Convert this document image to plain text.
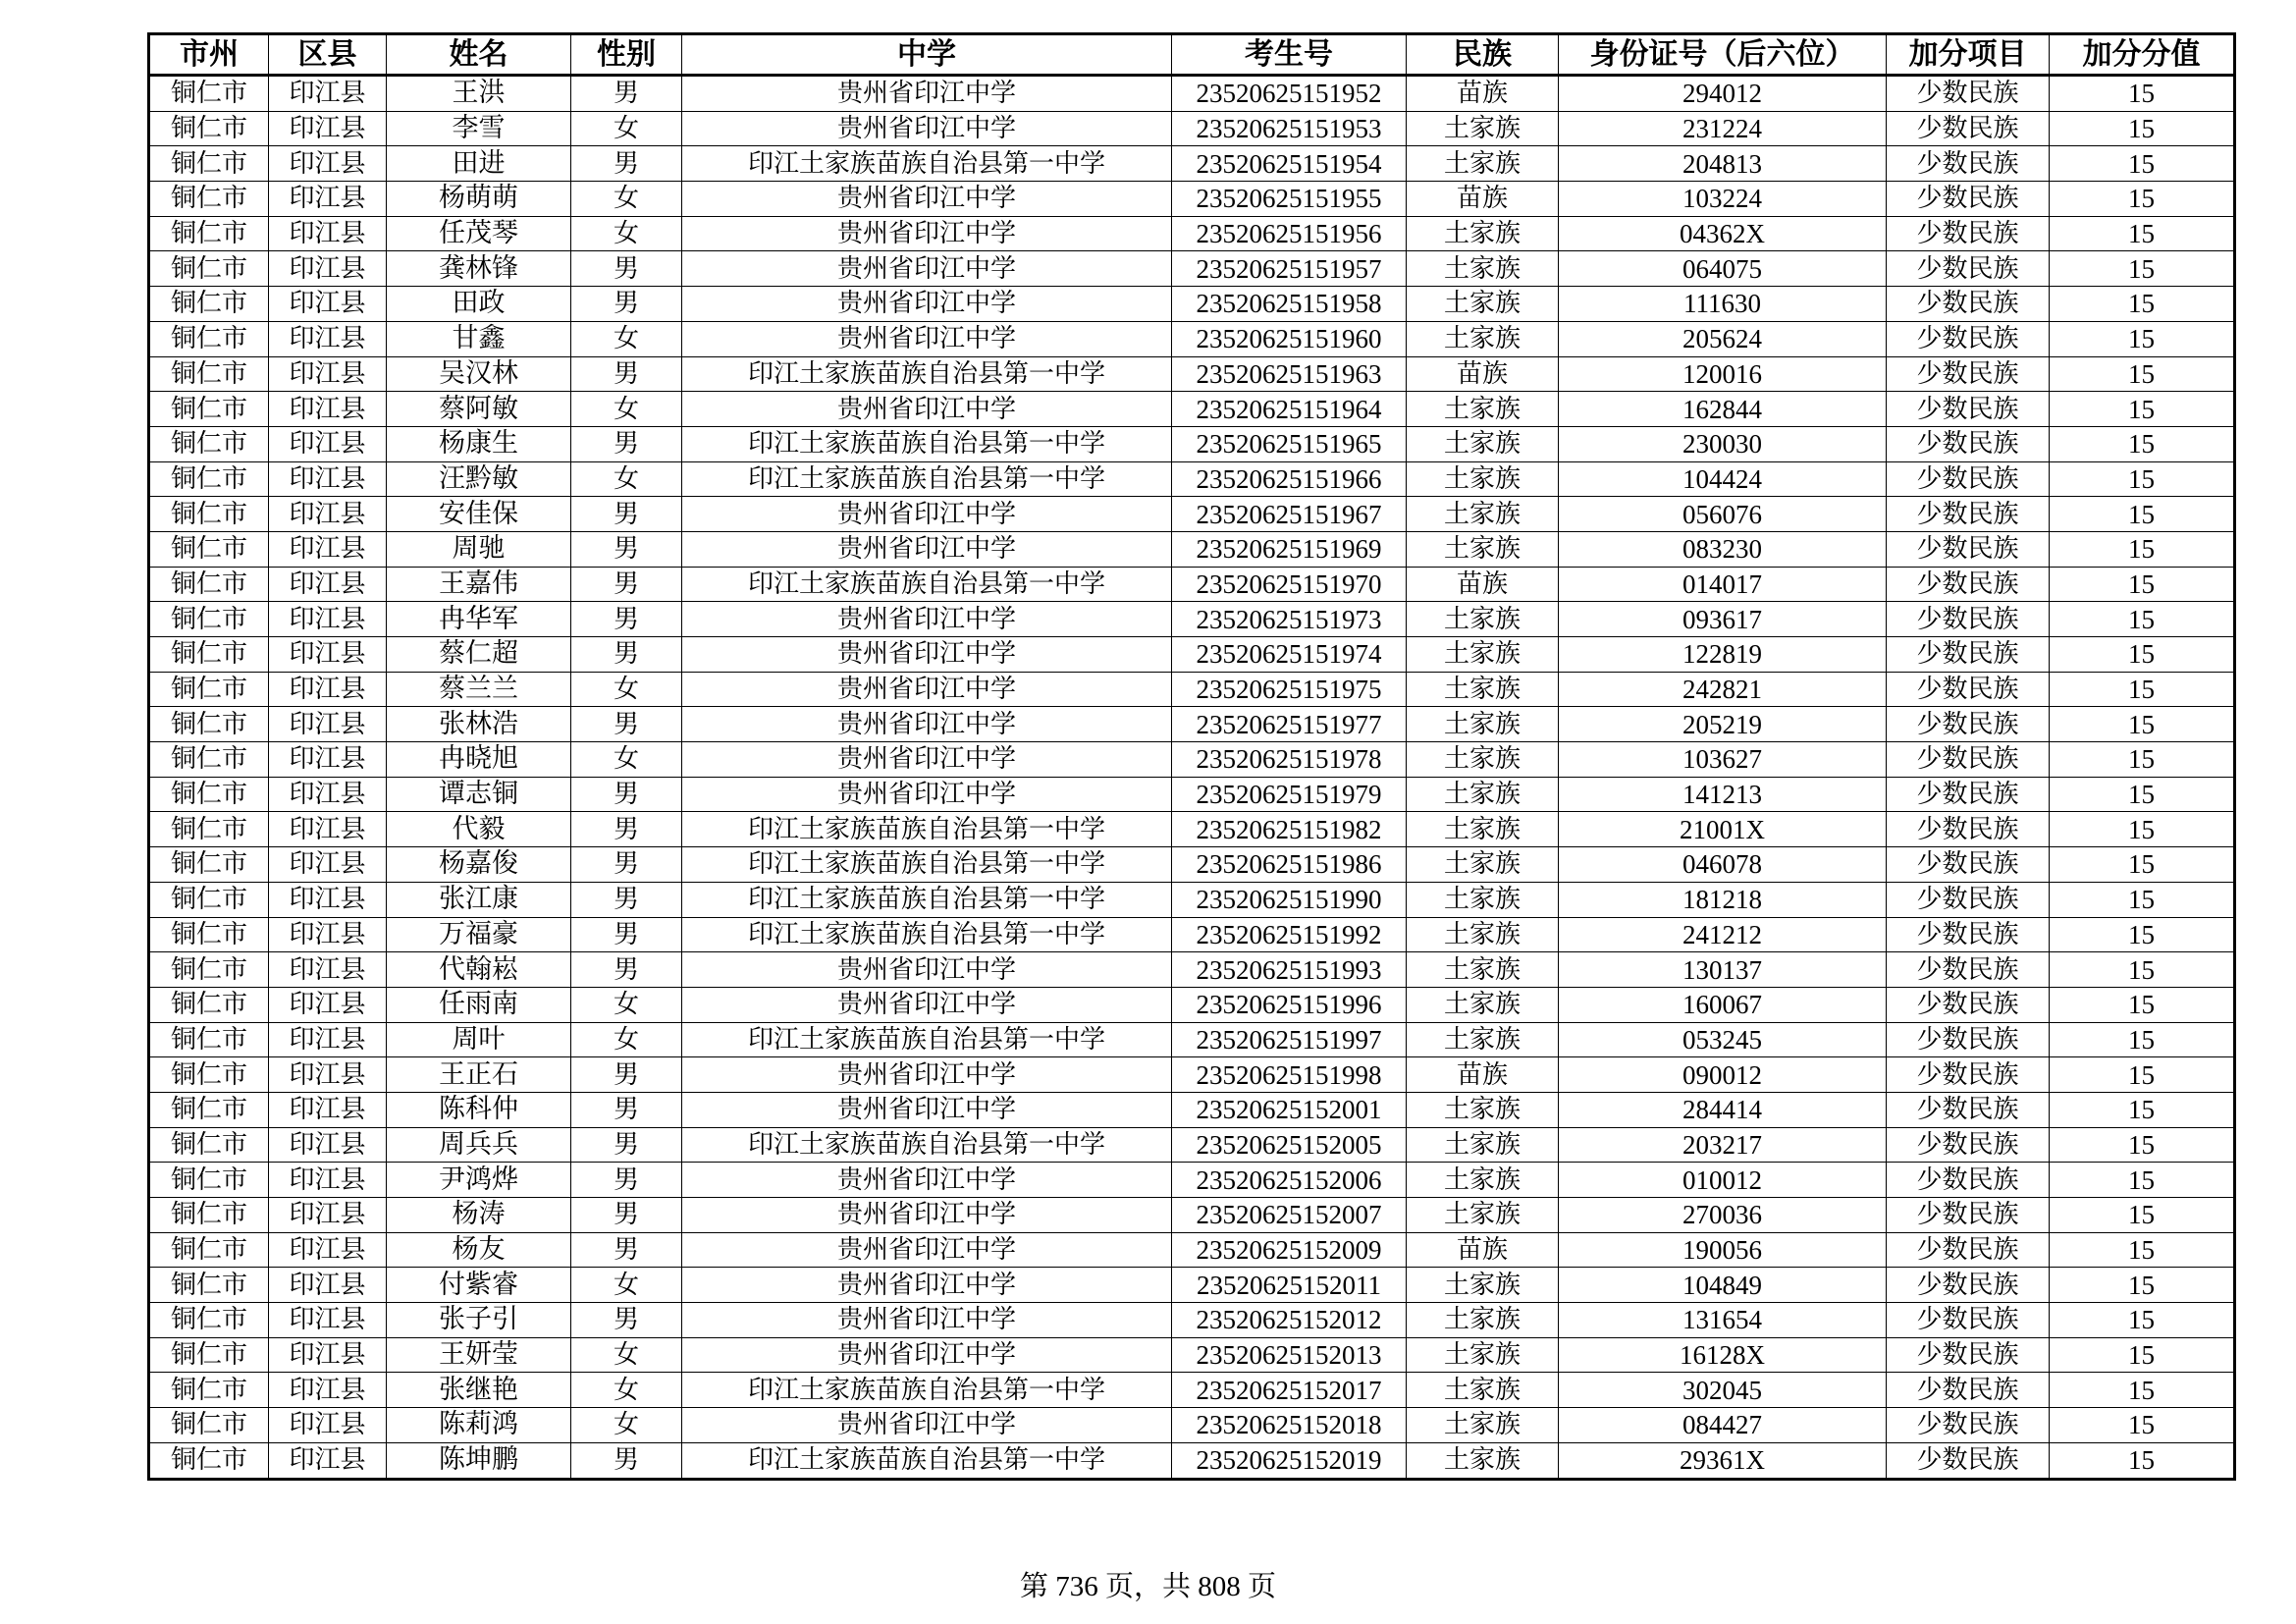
市州	区县	姓名	性别	中学	考生号	民族	身份证号（后六位）	加分项目	加分分值
铜仁市	印江县	王洪	男	贵州省印江中学	23520625151952	苗族	294012	少数民族	15
铜仁市	印江县	李雪	女	贵州省印江中学	23520625151953	土家族	231224	少数民族	15
铜仁市	印江县	田进	男	印江土家族苗族自治县第一中学	23520625151954	土家族	204813	少数民族	15
铜仁市	印江县	杨萌萌	女	贵州省印江中学	23520625151955	苗族	103224	少数民族	15
铜仁市	印江县	任茂琴	女	贵州省印江中学	23520625151956	土家族	04362X	少数民族	15
铜仁市	印江县	龚林锋	男	贵州省印江中学	23520625151957	土家族	064075	少数民族	15
铜仁市	印江县	田政	男	贵州省印江中学	23520625151958	土家族	111630	少数民族	15
铜仁市	印江县	甘鑫	女	贵州省印江中学	23520625151960	土家族	205624	少数民族	15
铜仁市	印江县	吴汉林	男	印江土家族苗族自治县第一中学	23520625151963	苗族	120016	少数民族	15
铜仁市	印江县	蔡阿敏	女	贵州省印江中学	23520625151964	土家族	162844	少数民族	15
铜仁市	印江县	杨康生	男	印江土家族苗族自治县第一中学	23520625151965	土家族	230030	少数民族	15
铜仁市	印江县	汪黔敏	女	印江土家族苗族自治县第一中学	23520625151966	土家族	104424	少数民族	15
铜仁市	印江县	安佳保	男	贵州省印江中学	23520625151967	土家族	056076	少数民族	15
铜仁市	印江县	周驰	男	贵州省印江中学	23520625151969	土家族	083230	少数民族	15
铜仁市	印江县	王嘉伟	男	印江土家族苗族自治县第一中学	23520625151970	苗族	014017	少数民族	15
铜仁市	印江县	冉华军	男	贵州省印江中学	23520625151973	土家族	093617	少数民族	15
铜仁市	印江县	蔡仁超	男	贵州省印江中学	23520625151974	土家族	122819	少数民族	15
铜仁市	印江县	蔡兰兰	女	贵州省印江中学	23520625151975	土家族	242821	少数民族	15
铜仁市	印江县	张林浩	男	贵州省印江中学	23520625151977	土家族	205219	少数民族	15
铜仁市	印江县	冉晓旭	女	贵州省印江中学	23520625151978	土家族	103627	少数民族	15
铜仁市	印江县	谭志铜	男	贵州省印江中学	23520625151979	土家族	141213	少数民族	15
铜仁市	印江县	代毅	男	印江土家族苗族自治县第一中学	23520625151982	土家族	21001X	少数民族	15
铜仁市	印江县	杨嘉俊	男	印江土家族苗族自治县第一中学	23520625151986	土家族	046078	少数民族	15
铜仁市	印江县	张江康	男	印江土家族苗族自治县第一中学	23520625151990	土家族	181218	少数民族	15
铜仁市	印江县	万福豪	男	印江土家族苗族自治县第一中学	23520625151992	土家族	241212	少数民族	15
铜仁市	印江县	代翰崧	男	贵州省印江中学	23520625151993	土家族	130137	少数民族	15
铜仁市	印江县	任雨南	女	贵州省印江中学	23520625151996	土家族	160067	少数民族	15
铜仁市	印江县	周叶	女	印江土家族苗族自治县第一中学	23520625151997	土家族	053245	少数民族	15
铜仁市	印江县	王正石	男	贵州省印江中学	23520625151998	苗族	090012	少数民族	15
铜仁市	印江县	陈科仲	男	贵州省印江中学	23520625152001	土家族	284414	少数民族	15
铜仁市	印江县	周兵兵	男	印江土家族苗族自治县第一中学	23520625152005	土家族	203217	少数民族	15
铜仁市	印江县	尹鸿烨	男	贵州省印江中学	23520625152006	土家族	010012	少数民族	15
铜仁市	印江县	杨涛	男	贵州省印江中学	23520625152007	土家族	270036	少数民族	15
铜仁市	印江县	杨友	男	贵州省印江中学	23520625152009	苗族	190056	少数民族	15
铜仁市	印江县	付紫睿	女	贵州省印江中学	23520625152011	土家族	104849	少数民族	15
铜仁市	印江县	张子引	男	贵州省印江中学	23520625152012	土家族	131654	少数民族	15
铜仁市	印江县	王妍莹	女	贵州省印江中学	23520625152013	土家族	16128X	少数民族	15
铜仁市	印江县	张继艳	女	印江土家族苗族自治县第一中学	23520625152017	土家族	302045	少数民族	15
铜仁市	印江县	陈莉鸿	女	贵州省印江中学	23520625152018	土家族	084427	少数民族	15
铜仁市	印江县	陈坤鹏	男	印江土家族苗族自治县第一中学	23520625152019	土家族	29361X	少数民族	15
第 736 页，共 808 页
